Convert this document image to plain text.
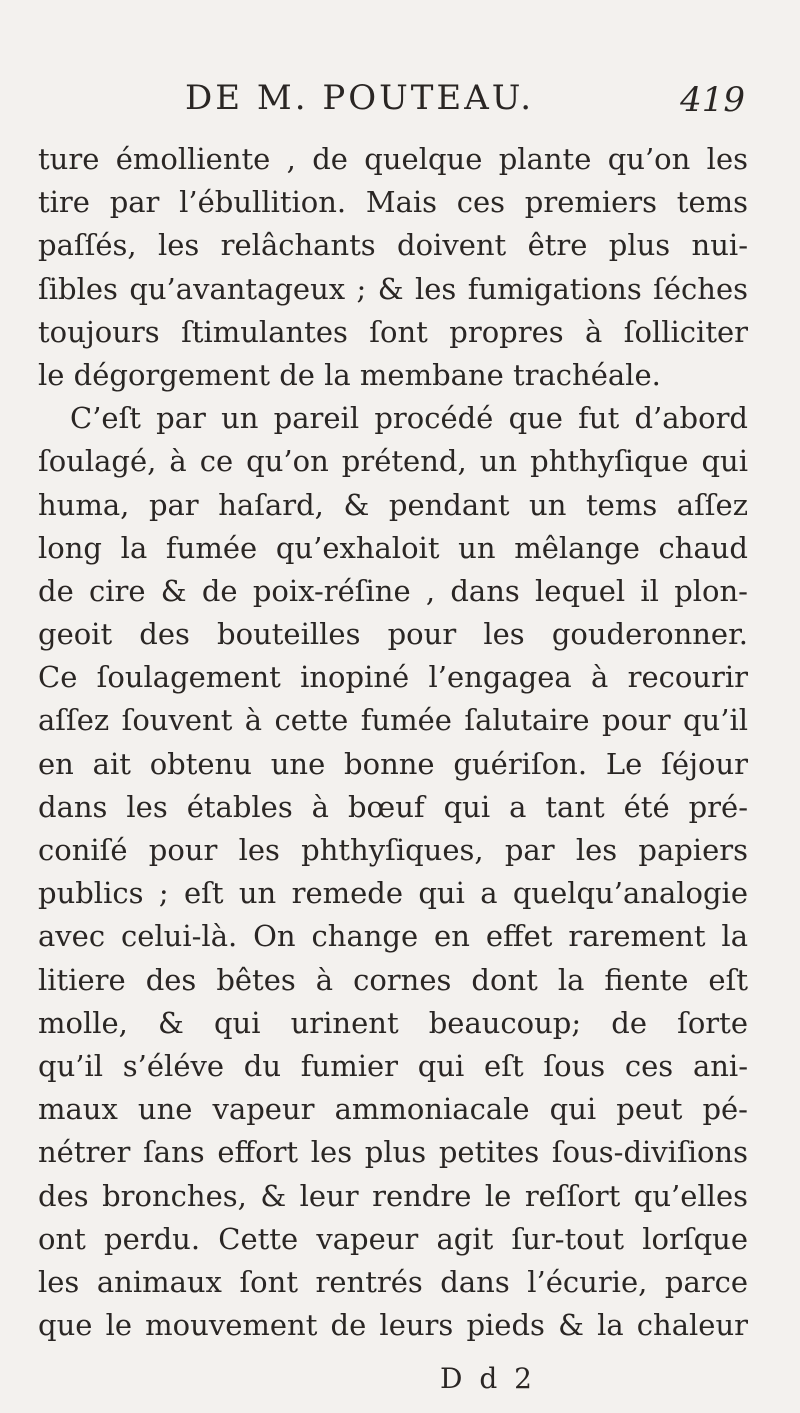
DE M. POUTEAU.	419
ture émolliente , de quelque plante qu’on les
tire par l’ébullition. Mais ces premiers tems
paſſés, les relâchants doivent être plus nui-
ſibles qu’avantageux ; & les fumigations ſéches
toujours ſtimulantes ſont propres à ſolliciter
le dégorgement de la membane trachéale.
C’eſt par un pareil procédé que fut d’abord
ſoulagé, à ce qu’on prétend, un phthyſique qui
huma, par haſard, & pendant un tems aſſez
long la fumée qu’exhaloit un mêlange chaud
de cire & de poix-réſine , dans lequel il plon-
geoit des bouteilles pour les gouderonner.
Ce ſoulagement inopiné l’engagea à recourir
aſſez ſouvent à cette fumée ſalutaire pour qu’il
en ait obtenu une bonne guériſon. Le ſéjour
dans les étables à bœuf qui a tant été pré-
coniſé pour les phthyſiques, par les papiers
publics ; eſt un remede qui a quelqu’analogie
avec celui-là. On change en effet rarement la
litiere des bêtes à cornes dont la fiente eſt
molle, & qui urinent beaucoup; de ſorte
qu’il s’éléve du fumier qui eſt ſous ces ani-
maux une vapeur ammoniacale qui peut pé-
nétrer ſans effort les plus petites ſous-diviſions
des bronches, & leur rendre le reſſort qu’elles
ont perdu. Cette vapeur agit ſur-tout lorſque
les animaux ſont rentrés dans l’écurie, parce
que le mouvement de leurs pieds & la chaleur
D d 2
